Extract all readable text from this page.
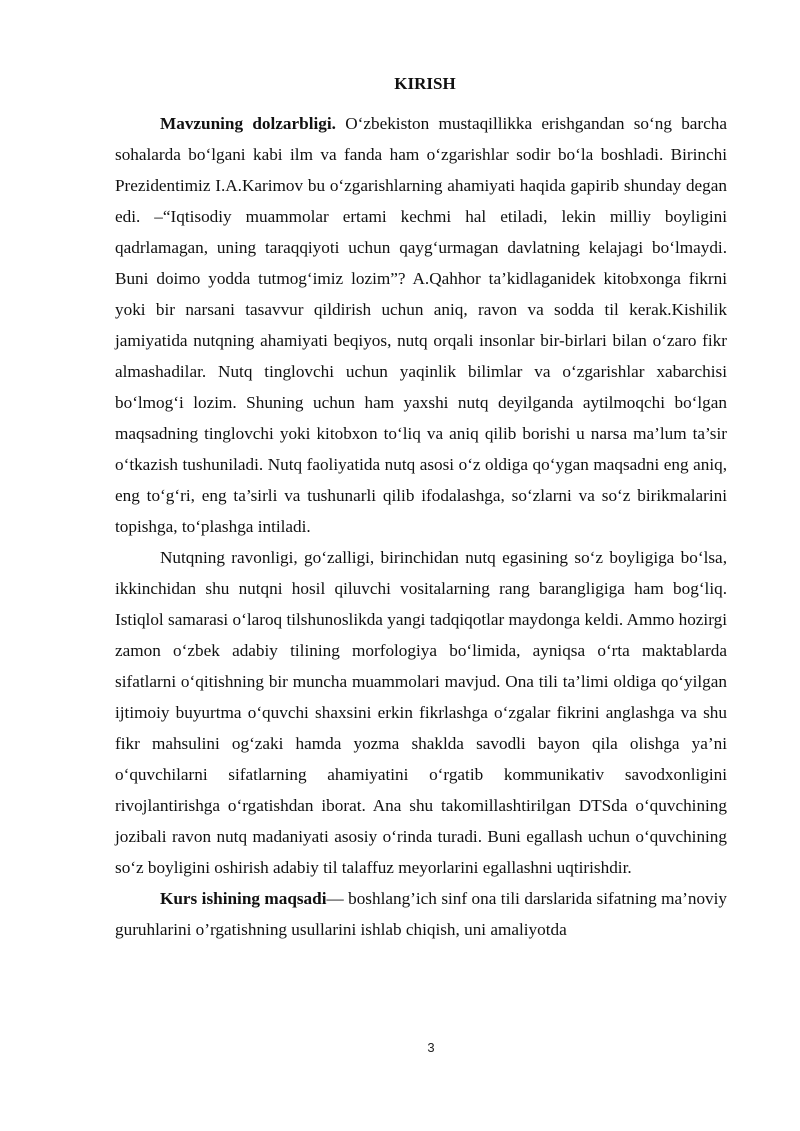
KIRISH

Mavzuning dolzarbligi. O‘zbekiston mustaqillikka erishgandan so‘ng barcha sohalarda bo‘lgani kabi ilm va fanda ham o‘zgarishlar sodir bo‘la boshladi. Birinchi Prezidentimiz I.A.Karimov bu o‘zgarishlarning ahamiyati haqida gapirib shunday degan edi. –“Iqtisodiy muammolar ertami kechmi hal etiladi, lekin milliy boyligini qadrlamagan, uning taraqqiyoti uchun qayg‘urmagan davlatning kelajagi bo‘lmaydi. Buni doimo yodda tutmog‘imiz lozim”? A.Qahhor ta’kidlaganidek kitobxonga fikrni yoki bir narsani tasavvur qildirish uchun aniq, ravon va sodda til kerak.Kishilik jamiyatida nutqning ahamiyati beqiyos, nutq orqali insonlar bir-birlari bilan o‘zaro fikr almashadilar. Nutq tinglovchi uchun yaqinlik bilimlar va o‘zgarishlar xabarchisi bo‘lmog‘i lozim. Shuning uchun ham yaxshi nutq deyilganda aytilmoqchi bo‘lgan maqsadning tinglovchi yoki kitobxon to‘liq va aniq qilib borishi u narsa ma’lum ta’sir o‘tkazish tushuniladi. Nutq faoliyatida nutq asosi o‘z oldiga qo‘ygan maqsadni eng aniq, eng to‘g‘ri, eng ta’sirli va tushunarli qilib ifodalashga, so‘zlarni va so‘z birikmalarini topishga, to‘plashga intiladi.

Nutqning ravonligi, go‘zalligi, birinchidan nutq egasining so‘z boyligiga bo‘lsa, ikkinchidan shu nutqni hosil qiluvchi vositalarning rang barangligiga ham bog‘liq. Istiqlol samarasi o‘laroq tilshunoslikda yangi tadqiqotlar maydonga keldi. Ammo hozirgi zamon o‘zbek adabiy tilining morfologiya bo‘limida, ayniqsa o‘rta maktablarda sifatlarni o‘qitishning bir muncha muammolari mavjud. Ona tili ta’limi oldiga qo‘yilgan ijtimoiy buyurtma o‘quvchi shaxsini erkin fikrlashga o‘zgalar fikrini anglashga va shu fikr mahsulini og‘zaki hamda yozma shaklda savodli bayon qila olishga ya’ni o‘quvchilarni sifatlarning ahamiyatini o‘rgatib kommunikativ savodxonligini rivojlantirishga o‘rgatishdan iborat. Ana shu takomillashtirilgan DTSda o‘quvchining jozibali ravon nutq madaniyati asosiy o‘rinda turadi. Buni egallash uchun o‘quvchining so‘z boyligini oshirish adabiy til talaffuz meyorlarini egallashni uqtirishdir.

Kurs ishining maqsadi— boshlang’ich sinf ona tili darslarida sifatning ma’noviy guruhlarini o’rgatishning usullarini ishlab chiqish, uni amaliyotda

3
